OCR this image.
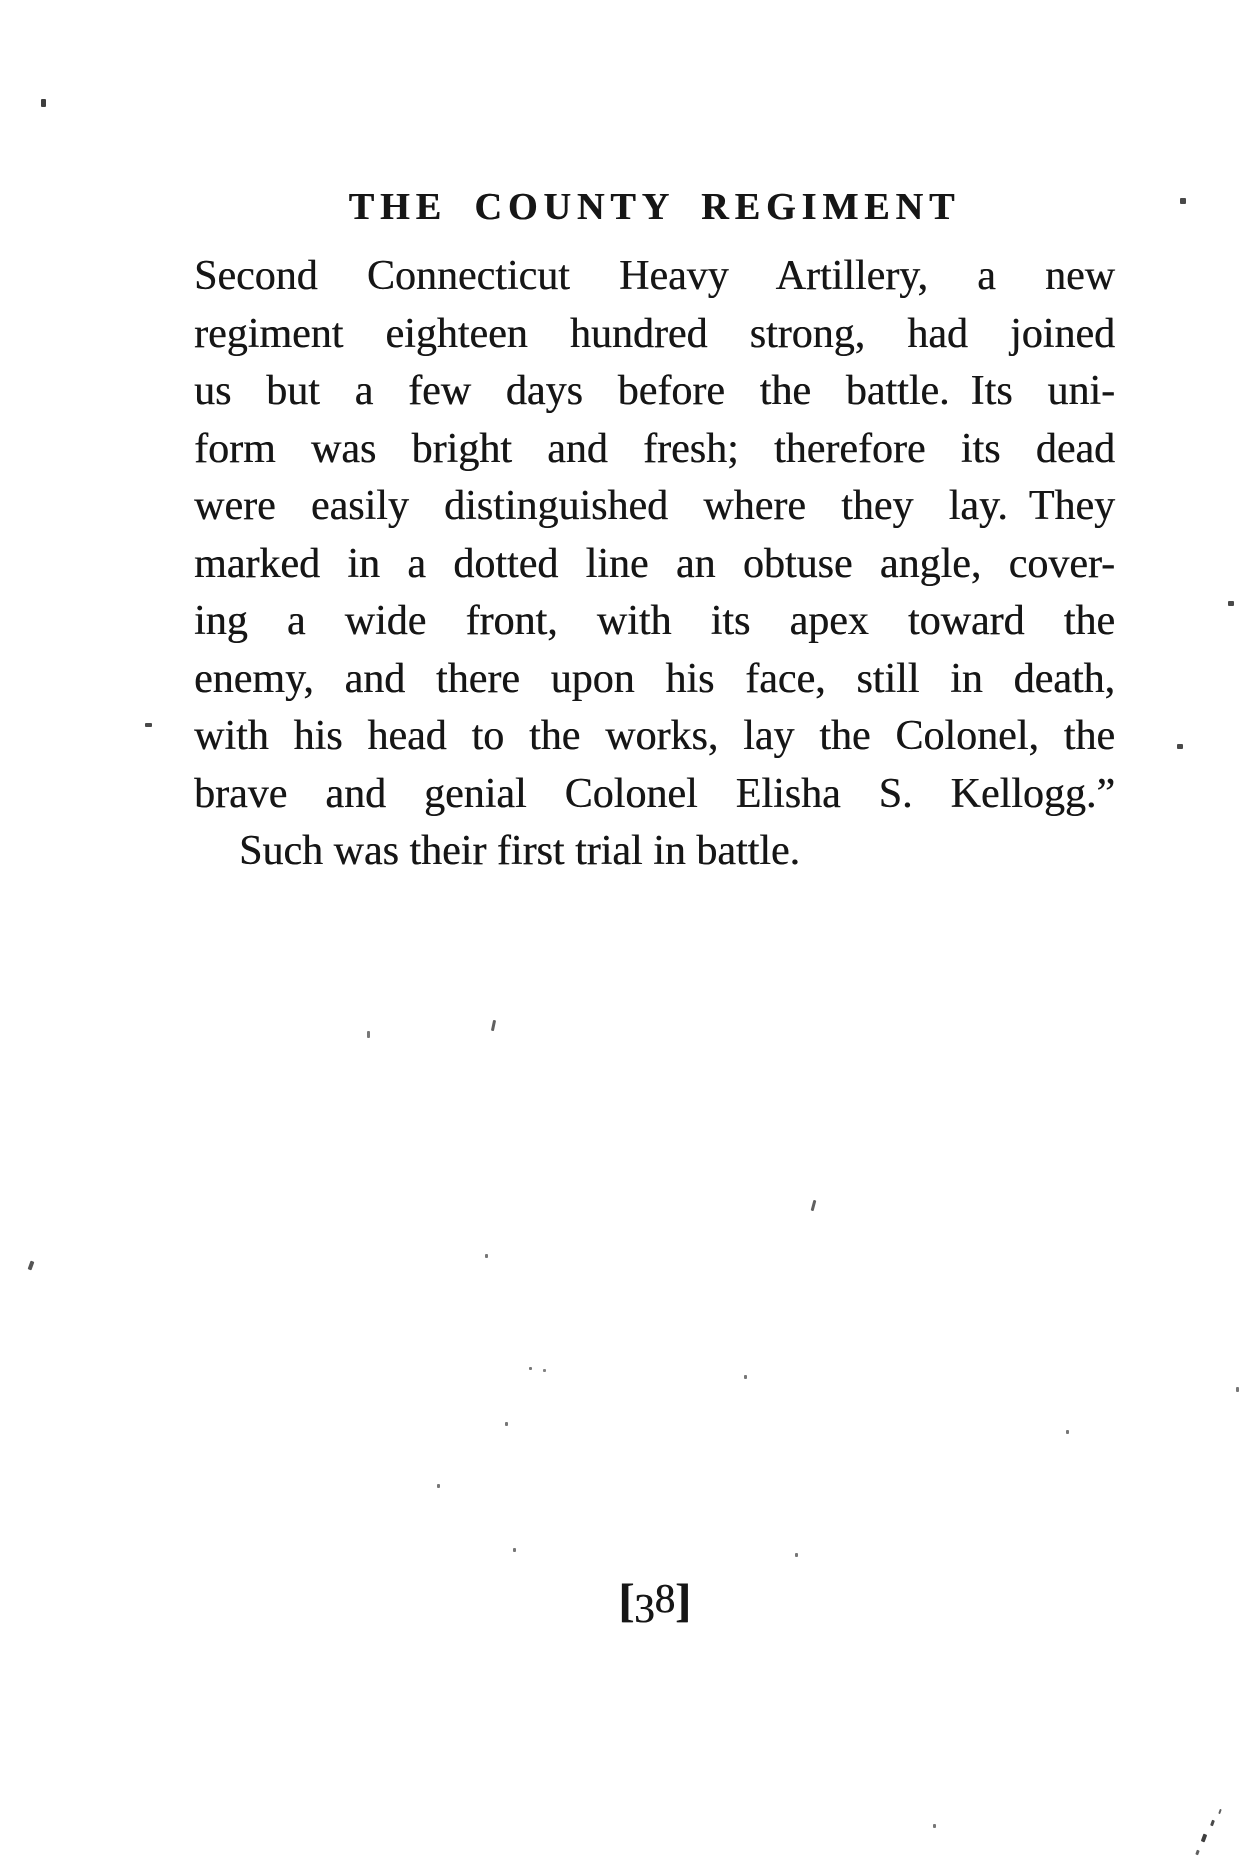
THE COUNTY REGIMENT
Second Connecticut Heavy Artillery, a new
regiment eighteen hundred strong, had joined
us but a few days before the battle. Its uni-
form was bright and fresh; therefore its dead
were easily distinguished where they lay. They
marked in a dotted line an obtuse angle, cover-
ing a wide front, with its apex toward the
enemy, and there upon his face, still in death,
with his head to the works, lay the Colonel, the
brave and genial Colonel Elisha S. Kellogg.”
Such was their first trial in battle.
[38]
